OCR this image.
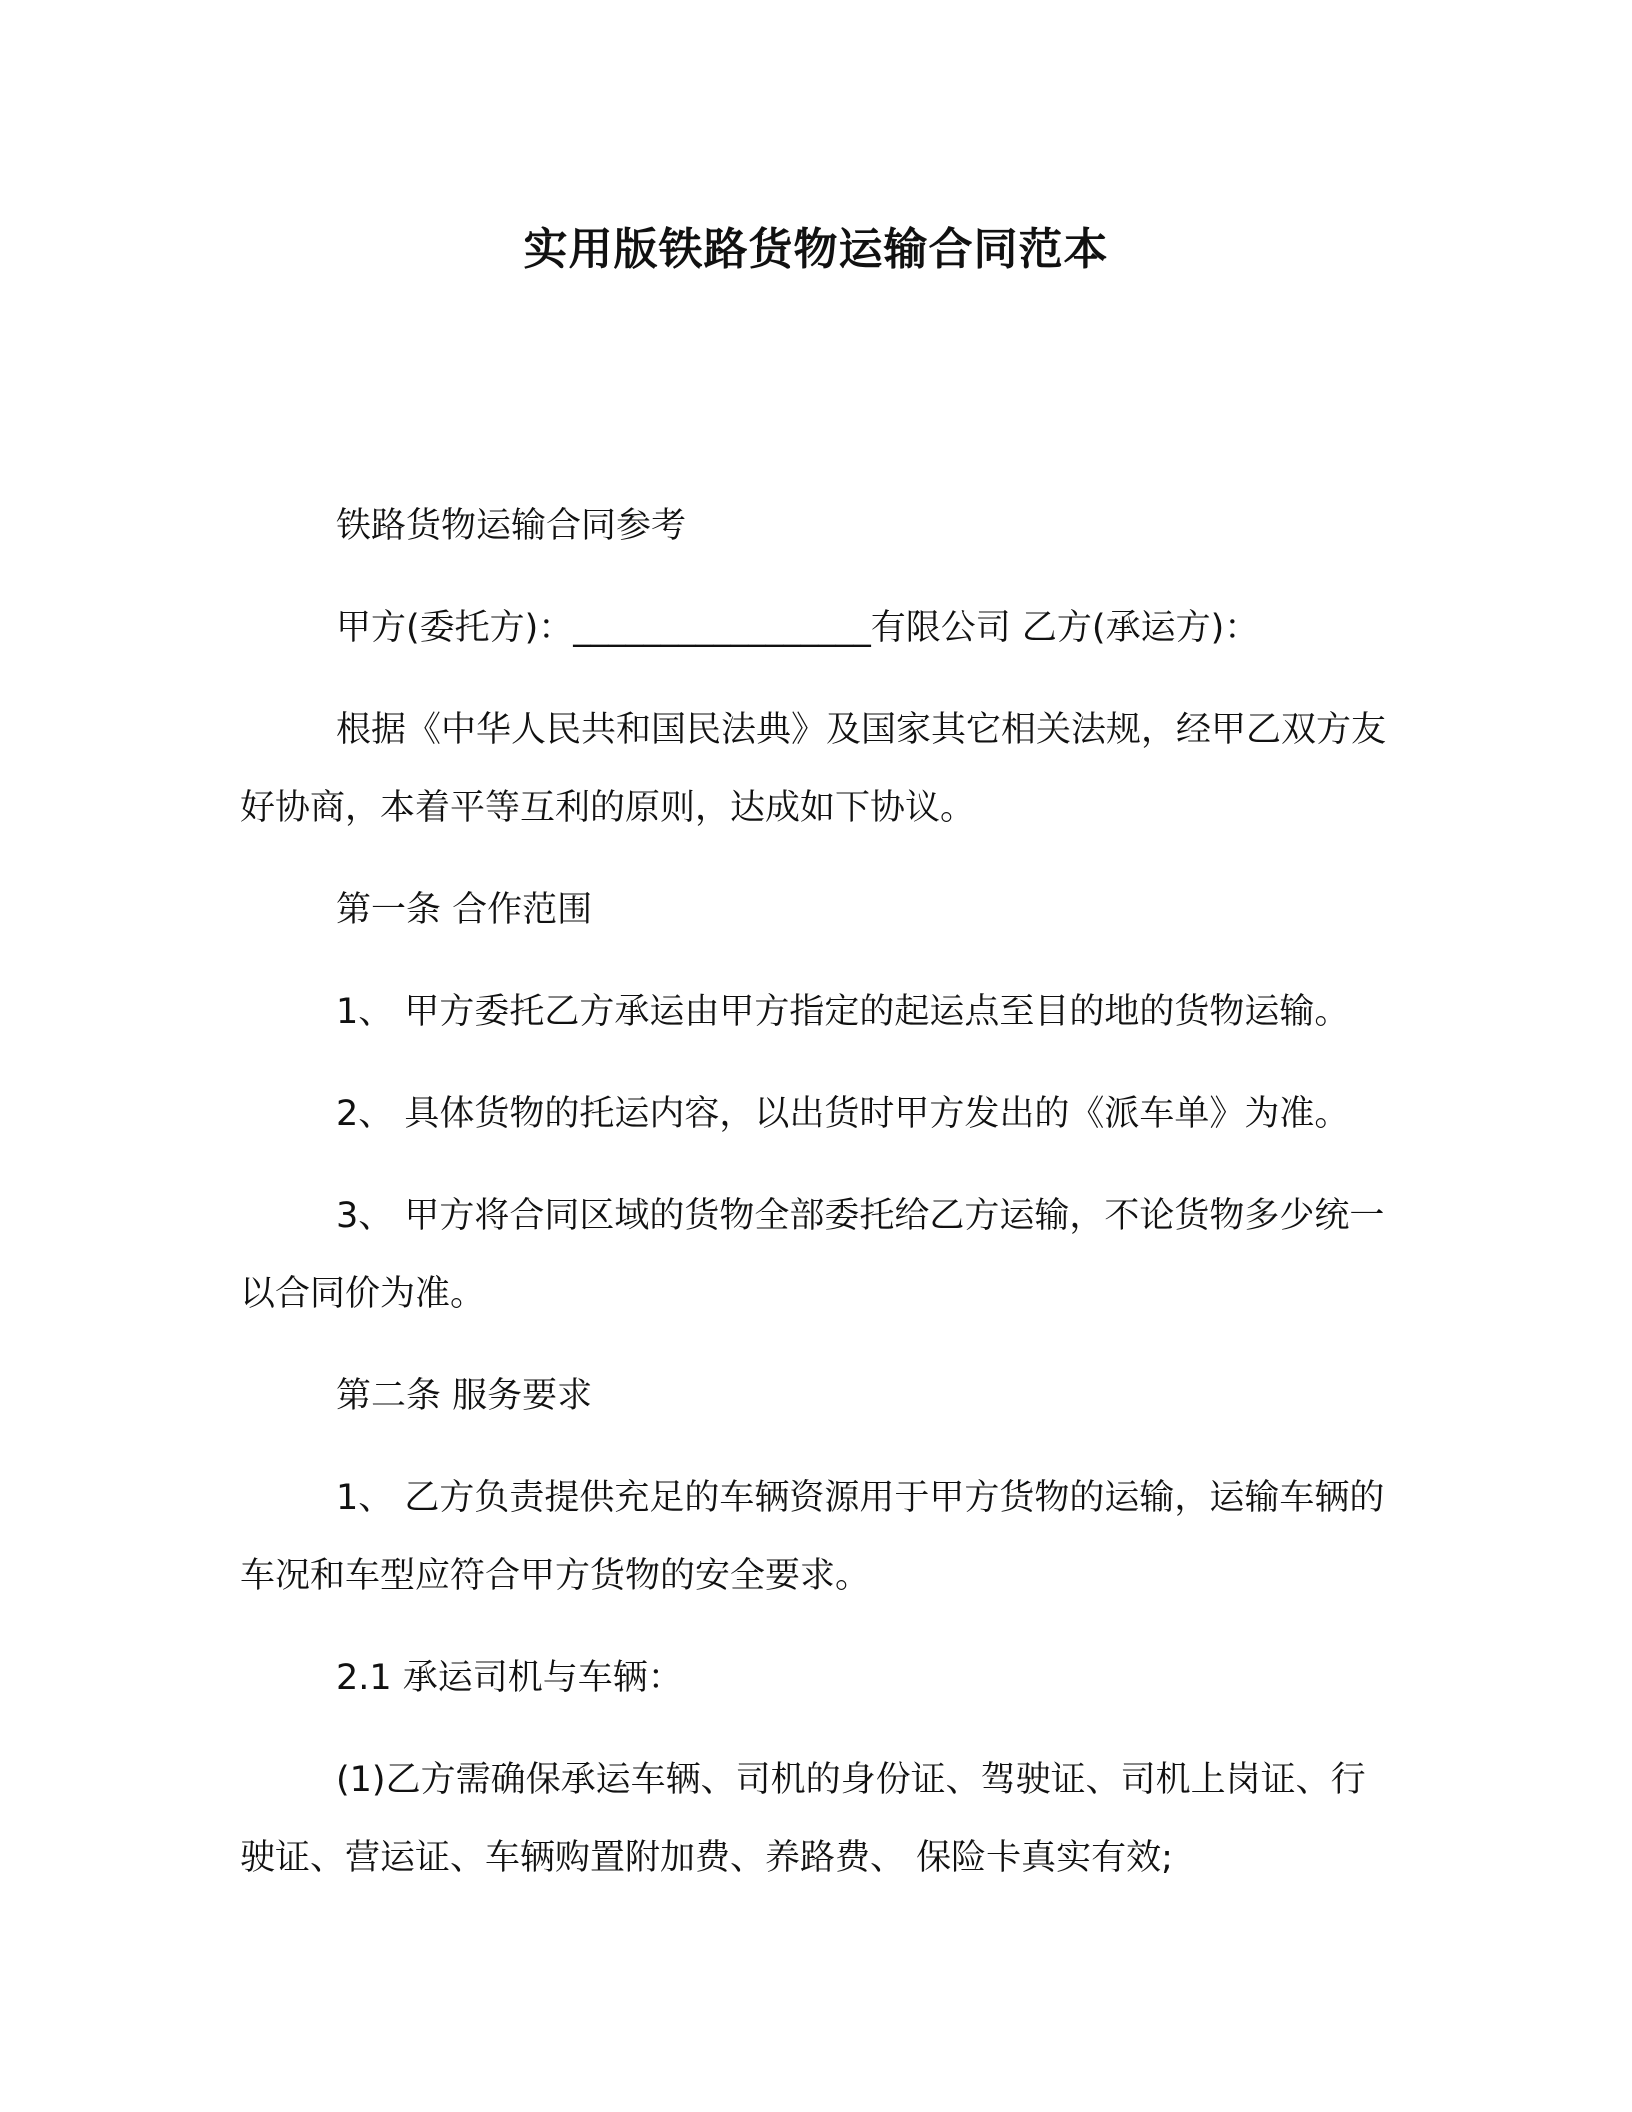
实用版铁路货物运输合同范本

铁路货物运输合同参考

甲方(委托方)：_________________有限公司 乙方(承运方)：

根据《中华人民共和国民法典》及国家其它相关法规，经甲乙双方友好协商，本着平等互利的原则，达成如下协议。

第一条 合作范围

1、 甲方委托乙方承运由甲方指定的起运点至目的地的货物运输。

2、 具体货物的托运内容，以出货时甲方发出的《派车单》为准。

3、 甲方将合同区域的货物全部委托给乙方运输，不论货物多少统一以合同价为准。

第二条 服务要求

1、 乙方负责提供充足的车辆资源用于甲方货物的运输，运输车辆的车况和车型应符合甲方货物的安全要求。

2.1 承运司机与车辆：

(1)乙方需确保承运车辆、司机的身份证、驾驶证、司机上岗证、行驶证、营运证、车辆购置附加费、养路费、 保险卡真实有效;
